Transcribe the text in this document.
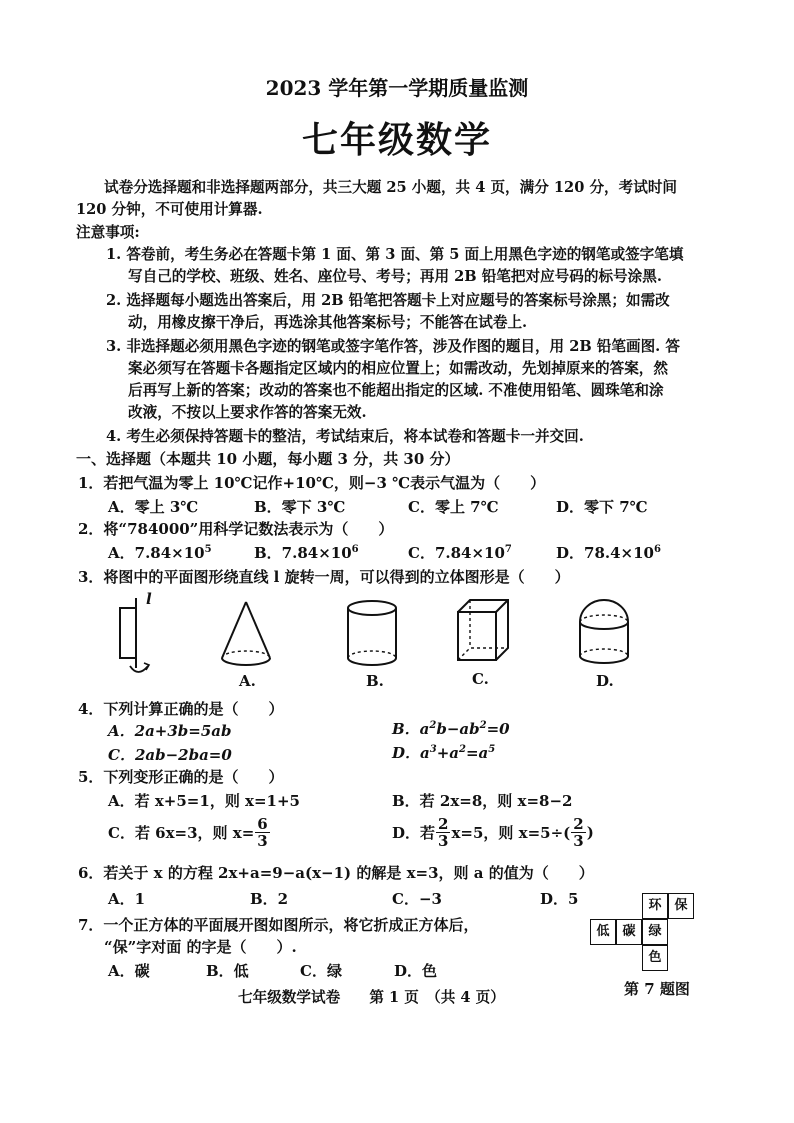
2023 学年第一学期质量监测
七年级数学
试卷分选择题和非选择题两部分，共三大题 25 小题，共 4 页，满分 120 分，考试时间
120 分钟，不可使用计算器.
注意事项:
1. 答卷前，考生务必在答题卡第 1 面、第 3 面、第 5 面上用黑色字迹的钢笔或签字笔填
写自己的学校、班级、姓名、座位号、考号；再用 2B 铅笔把对应号码的标号涂黑.
2. 选择题每小题选出答案后，用 2B 铅笔把答题卡上对应题号的答案标号涂黑；如需改
动，用橡皮擦干净后，再选涂其他答案标号；不能答在试卷上.
3. 非选择题必须用黑色字迹的钢笔或签字笔作答，涉及作图的题目，用 2B 铅笔画图. 答
案必须写在答题卡各题指定区域内的相应位置上；如需改动，先划掉原来的答案，然
后再写上新的答案；改动的答案也不能超出指定的区域. 不准使用铅笔、圆珠笔和涂
改液，不按以上要求作答的答案无效.
4. 考生必须保持答题卡的整洁，考试结束后，将本试卷和答题卡一并交回.
一、选择题（本题共 10 小题，每小题 3 分，共 30 分）
1．若把气温为零上 10℃记作+10℃，则−3 ℃表示气温为（　　）
A．零上 3℃	B．零下 3℃	C．零上 7℃	D．零下 7℃
2．将“784000”用科学记数法表示为（　　）
A．$7.84\times 10^5$	B．$7.84\times 10^6$	C．$7.84\times 10^7$	D．$78.4\times 10^6$
3．将图中的平面图形绕直线 l 旋转一周，可以得到的立体图形是（　　）
l
A.	B.	C.	D.
4．下列计算正确的是（　　）
A．2a+3b=5ab	B．$a^2b-ab^2=0$
C．2ab−2ba=0	D．$a^3+a^2=a^5$
5．下列变形正确的是（　　）
A．若 x+5=1，则 x=1+5	B．若 2x=8，则 x=8−2
C．若 6x=3，则 $x= \frac{6}{3}$	D．若 $\frac{2}{3} x=5$，则 $x=5\div( \frac{2}{3}$ )
6．若关于 x 的方程 2x+a=9−a(x−1) 的解是 x=3，则 a 的值为（　　）
A．1	B．2	C．−3	D．5
7．一个正方体的平面展开图如图所示，将它折成正方体后，
“保”字对面 的字是（　　）.
A．碳	B．低	C．绿	D．色
环 保
低 碳 绿
色
第 7 题图
七年级数学试卷　　第 1 页　（共 4 页）
